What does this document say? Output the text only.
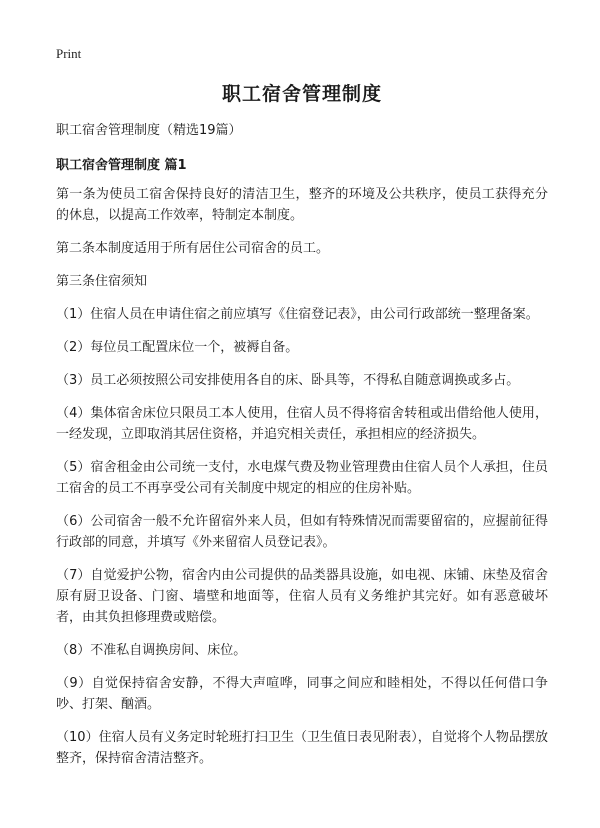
Print
职工宿舍管理制度
职工宿舍管理制度（精选19篇）
职工宿舍管理制度 篇1

第一条为使员工宿舍保持良好的清洁卫生，整齐的环境及公共秩序，使员工获得充分的休息，以提高工作效率，特制定本制度。

第二条本制度适用于所有居住公司宿舍的员工。

第三条住宿须知

（1）住宿人员在申请住宿之前应填写《住宿登记表》，由公司行政部统一整理备案。

（2）每位员工配置床位一个，被褥自备。

（3）员工必须按照公司安排使用各自的床、卧具等，不得私自随意调换或多占。

（4）集体宿舍床位只限员工本人使用，住宿人员不得将宿舍转租或出借给他人使用，一经发现，立即取消其居住资格，并追究相关责任，承担相应的经济损失。

（5）宿舍租金由公司统一支付，水电煤气费及物业管理费由住宿人员个人承担，住员工宿舍的员工不再享受公司有关制度中规定的相应的住房补贴。

（6）公司宿舍一般不允许留宿外来人员，但如有特殊情况而需要留宿的，应握前征得行政部的同意，并填写《外来留宿人员登记表》。

（7）自觉爱护公物，宿舍内由公司提供的品类器具设施，如电视、床铺、床垫及宿舍原有厨卫设备、门窗、墙壁和地面等，住宿人员有义务维护其完好。如有恶意破坏者，由其负担修理费或赔偿。

（8）不准私自调换房间、床位。

（9）自觉保持宿舍安静，不得大声喧哗，同事之间应和睦相处，不得以任何借口争吵、打架、酗酒。

（10）住宿人员有义务定时轮班打扫卫生（卫生值日表见附表），自觉将个人物品摆放整齐，保持宿舍清洁整齐。
